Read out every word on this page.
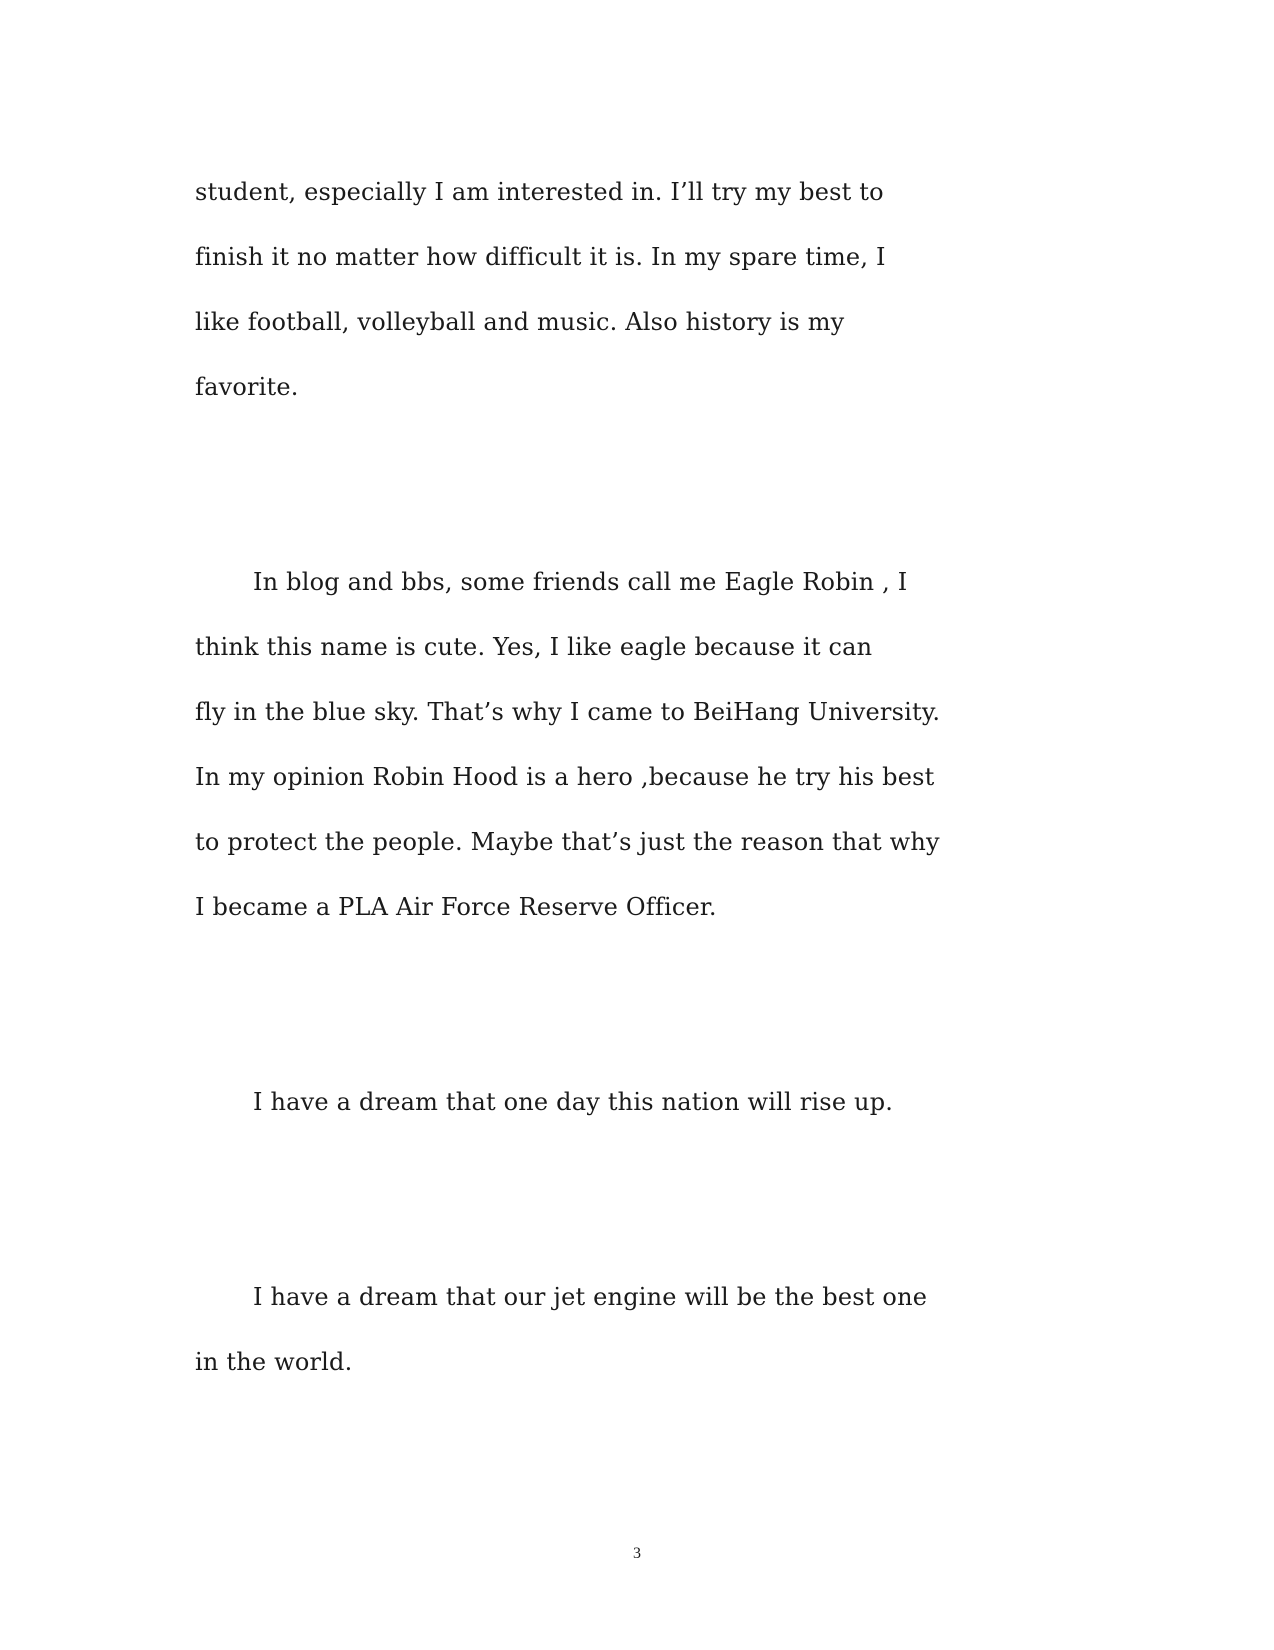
student, especially I am interested in. I’ll try my best to

finish it no matter how difficult it is. In my spare time, I

like football, volleyball and music. Also history is my

favorite.

In blog and bbs, some friends call me Eagle Robin , I

think this name is cute. Yes, I like eagle because it can

fly in the blue sky. That’s why I came to BeiHang University.

In my opinion Robin Hood is a hero ,because he try his best

to protect the people. Maybe that’s just the reason that why

I became a PLA Air Force Reserve Officer.

I have a dream that one day this nation will rise up.

I have a dream that our jet engine will be the best one

in the world.

3
